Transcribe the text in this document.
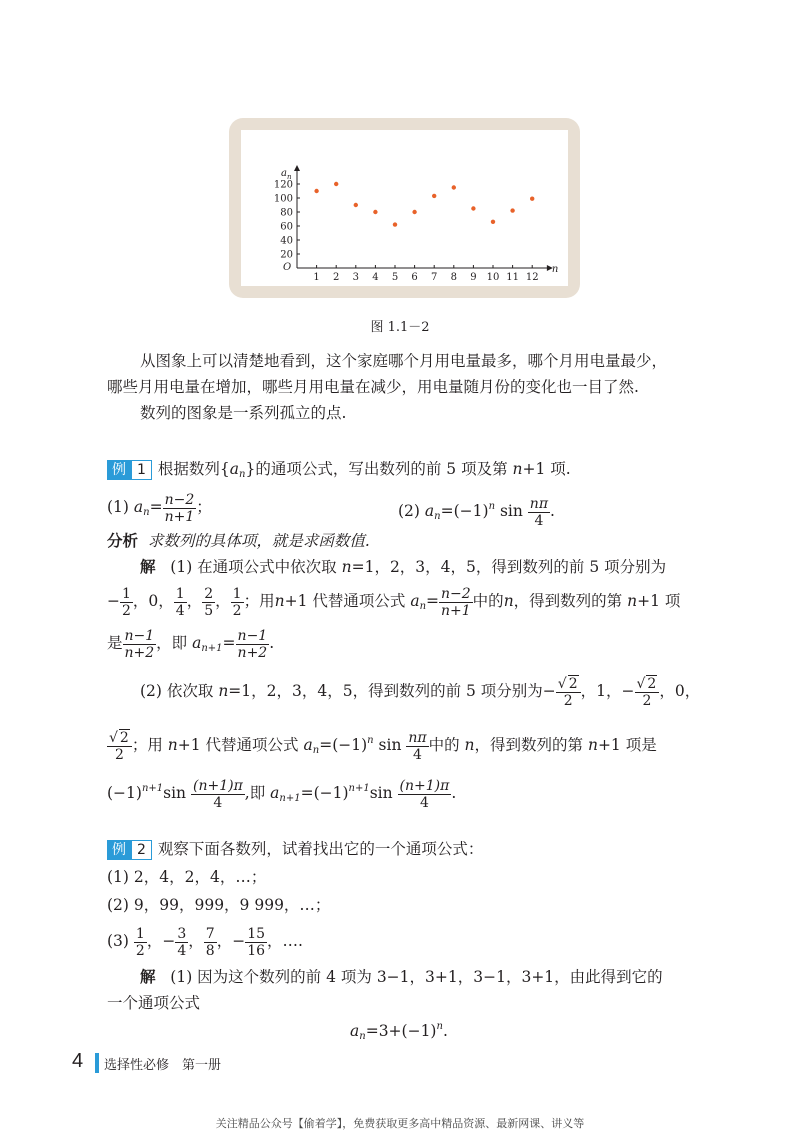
1 2 3 4 5 6 7 8 9 10 11 12
20
40
60
80
100
120
O	n
a n
图 1.1－2
从图象上可以清楚地看到，这个家庭哪个月用电量最多，哪个月用电量最少，
哪些月用电量在增加，哪些月用电量在减少，用电量随月份的变化也一目了然.
数列的图象是一系列孤立的点.
例 1 根据数列$\{a_n\}$的通项公式，写出数列的前 5 项及第 n+1 项.
(1) $a_n= \frac{n-2}{n+1}$ ；	(2) $a_n=(-1)^n$ $\sin \frac{n\pi}{4}$ .
分析 求数列的具体项，就是求函数值.
解 (1) 在通项公式中依次取 n=1，2，3，4，5，得到数列的前 5 项分别为
− $\frac{1}{2}$ ，0， $\frac{1}{4}$ ， $\frac{2}{5}$ ， $\frac{1}{2}$ ；用n+1 代替通项公式 $a_n= \frac{n-2}{n+1}$ 中的n，得到数列的第 n+1 项
是 $\frac{n-1}{n+2}$ ，即 $a_{n+1}= \frac{n-1}{n+2}$ .
(2) 依次取 n=1，2，3，4，5，得到数列的前 5 项分别为− $\frac{√ 2}{2}$ ，1，− $\frac{√ 2}{2}$ ，0，
$\frac{√ 2}{2}$ ；用 n+1 代替通项公式 $a_n=(-1)^n$ $\sin \frac{n\pi}{4}$ 中的 n，得到数列的第 n+1 项是
$(-1)^{n+1}\sin \frac{(n+1)\pi}{4}$ ,即 $a_{n+1}=(-1)^{n+1}\sin \frac{(n+1)\pi}{4}$ .
例 2 观察下面各数列，试着找出它的一个通项公式：
(1) 2，4，2，4，…；
(2) 9，99，999，9 999，…；
$(3) \frac{1}{2}$ ，− $\frac{3}{4}$ ， $\frac{7}{8}$ ，− $\frac{15}{16}$ ，….
解 (1) 因为这个数列的前 4 项为 3−1，3+1，3−1，3+1，由此得到它的
一个通项公式
$a_n=3+(-1)^n$.
4 选择性必修　第一册
关注精品公众号【偷着学】，免费获取更多高中精品资源、最新网课、讲义等
